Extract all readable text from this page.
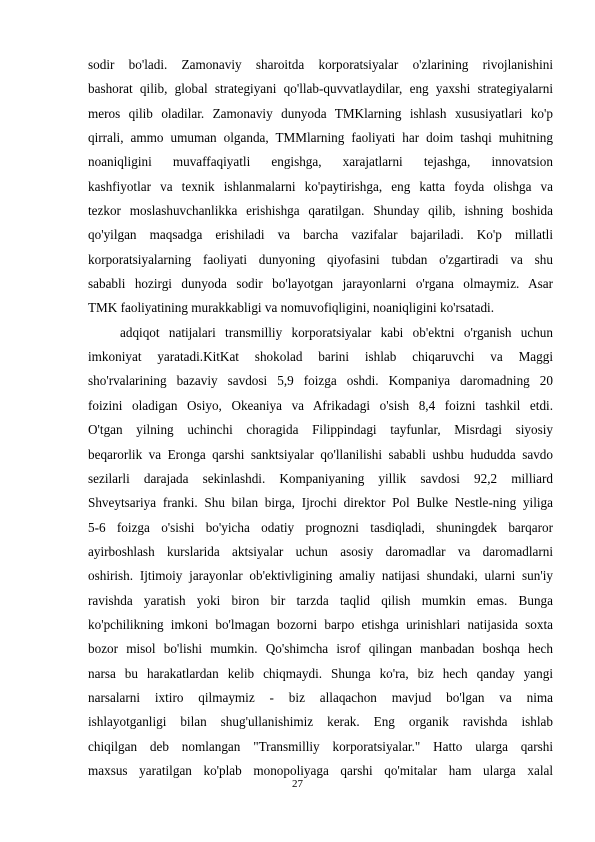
sodir bo'ladi. Zamonaviy sharoitda korporatsiyalar o'zlarining rivojlanishini
bashorat qilib, global strategiyani qo'llab-quvvatlaydilar, eng yaxshi strategiyalarni
meros qilib oladilar. Zamonaviy dunyoda TMKlarning ishlash xususiyatlari ko'p
qirrali, ammo umuman olganda, TMMlarning faoliyati har doim tashqi muhitning
noaniqligini muvaffaqiyatli engishga, xarajatlarni tejashga, innovatsion
kashfiyotlar va texnik ishlanmalarni ko'paytirishga, eng katta foyda olishga va
tezkor moslashuvchanlikka erishishga qaratilgan. Shunday qilib, ishning boshida
qo'yilgan maqsadga erishiladi va barcha vazifalar bajariladi. Ko'p millatli
korporatsiyalarning faoliyati dunyoning qiyofasini tubdan o'zgartiradi va shu
sababli hozirgi dunyoda sodir bo'layotgan jarayonlarni o'rgana olmaymiz. Asar
TMK faoliyatining murakkabligi va nomuvofiqligini, noaniqligini ko'rsatadi.
adqiqot natijalari transmilliy korporatsiyalar kabi ob'ektni o'rganish uchun
imkoniyat yaratadi.KitKat shokolad barini ishlab chiqaruvchi va Maggi
sho'rvalarining bazaviy savdosi 5,9 foizga oshdi. Kompaniya daromadning 20
foizini oladigan Osiyo, Okeaniya va Afrikadagi o'sish 8,4 foizni tashkil etdi.
O'tgan yilning uchinchi choragida Filippindagi tayfunlar, Misrdagi siyosiy
beqarorlik va Eronga qarshi sanktsiyalar qo'llanilishi sababli ushbu hududda savdo
sezilarli darajada sekinlashdi. Kompaniyaning yillik savdosi 92,2 milliard
Shveytsariya franki. Shu bilan birga, Ijrochi direktor Pol Bulke Nestle-ning yiliga
5-6 foizga o'sishi bo'yicha odatiy prognozni tasdiqladi, shuningdek barqaror
ayirboshlash kurslarida aktsiyalar uchun asosiy daromadlar va daromadlarni
oshirish. Ijtimoiy jarayonlar ob'ektivligining amaliy natijasi shundaki, ularni sun'iy
ravishda yaratish yoki biron bir tarzda taqlid qilish mumkin emas. Bunga
ko'pchilikning imkoni bo'lmagan bozorni barpo etishga urinishlari natijasida soxta
bozor misol bo'lishi mumkin. Qo'shimcha isrof qilingan manbadan boshqa hech
narsa bu harakatlardan kelib chiqmaydi. Shunga ko'ra, biz hech qanday yangi
narsalarni ixtiro qilmaymiz - biz allaqachon mavjud bo'lgan va nima
ishlayotganligi bilan shug'ullanishimiz kerak. Eng organik ravishda ishlab
chiqilgan deb nomlangan "Transmilliy korporatsiyalar." Hatto ularga qarshi
maxsus yaratilgan ko'plab monopoliyaga qarshi qo'mitalar ham ularga xalal
27
